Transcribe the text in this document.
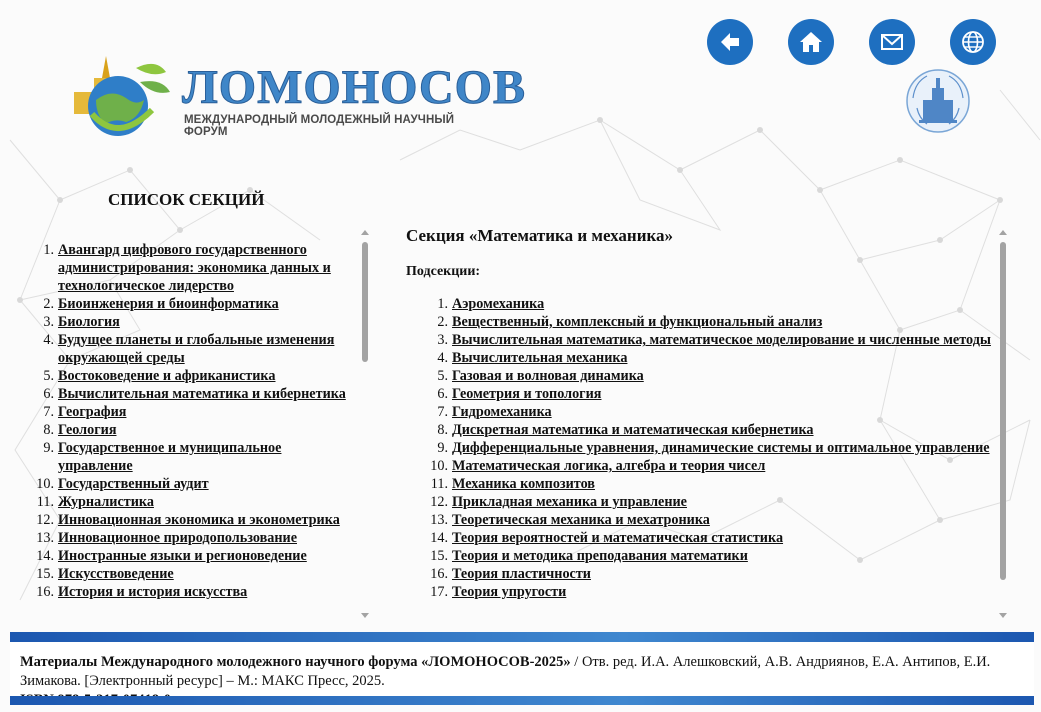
ЛОМОНОСОВ
МЕЖДУНАРОДНЫЙ МОЛОДЕЖНЫЙ НАУЧНЫЙ ФОРУМ
СПИСОК СЕКЦИЙ
1. Авангард цифрового государственного администрирования: экономика данных и технологическое лидерство
2. Биоинженерия и биоинформатика
3. Биология
4. Будущее планеты и глобальные изменения окружающей среды
5. Востоковедение и африканистика
6. Вычислительная математика и кибернетика
7. География
8. Геология
9. Государственное и муниципальное управление
10. Государственный аудит
11. Журналистика
12. Инновационная экономика и эконометрика
13. Инновационное природопользование
14. Иностранные языки и регионоведение
15. Искусствоведение
16. История и история искусства
Секция «Математика и механика»
Подсекции:
1. Аэромеханика
2. Вещественный, комплексный и функциональный анализ
3. Вычислительная математика, математическое моделирование и численные методы
4. Вычислительная механика
5. Газовая и волновая динамика
6. Геометрия и топология
7. Гидромеханика
8. Дискретная математика и математическая кибернетика
9. Дифференциальные уравнения, динамические системы и оптимальное управление
10. Математическая логика, алгебра и теория чисел
11. Механика композитов
12. Прикладная механика и управление
13. Теоретическая механика и мехатроника
14. Теория вероятностей и математическая статистика
15. Теория и методика преподавания математики
16. Теория пластичности
17. Теория упругости
Материалы Международного молодежного научного форума «ЛОМОНОСОВ-2025» / Отв. ред. И.А. Алешковский, А.В. Андриянов, Е.А. Антипов, Е.И. Зимакова. [Электронный ресурс] – М.: МАКС Пресс, 2025.
